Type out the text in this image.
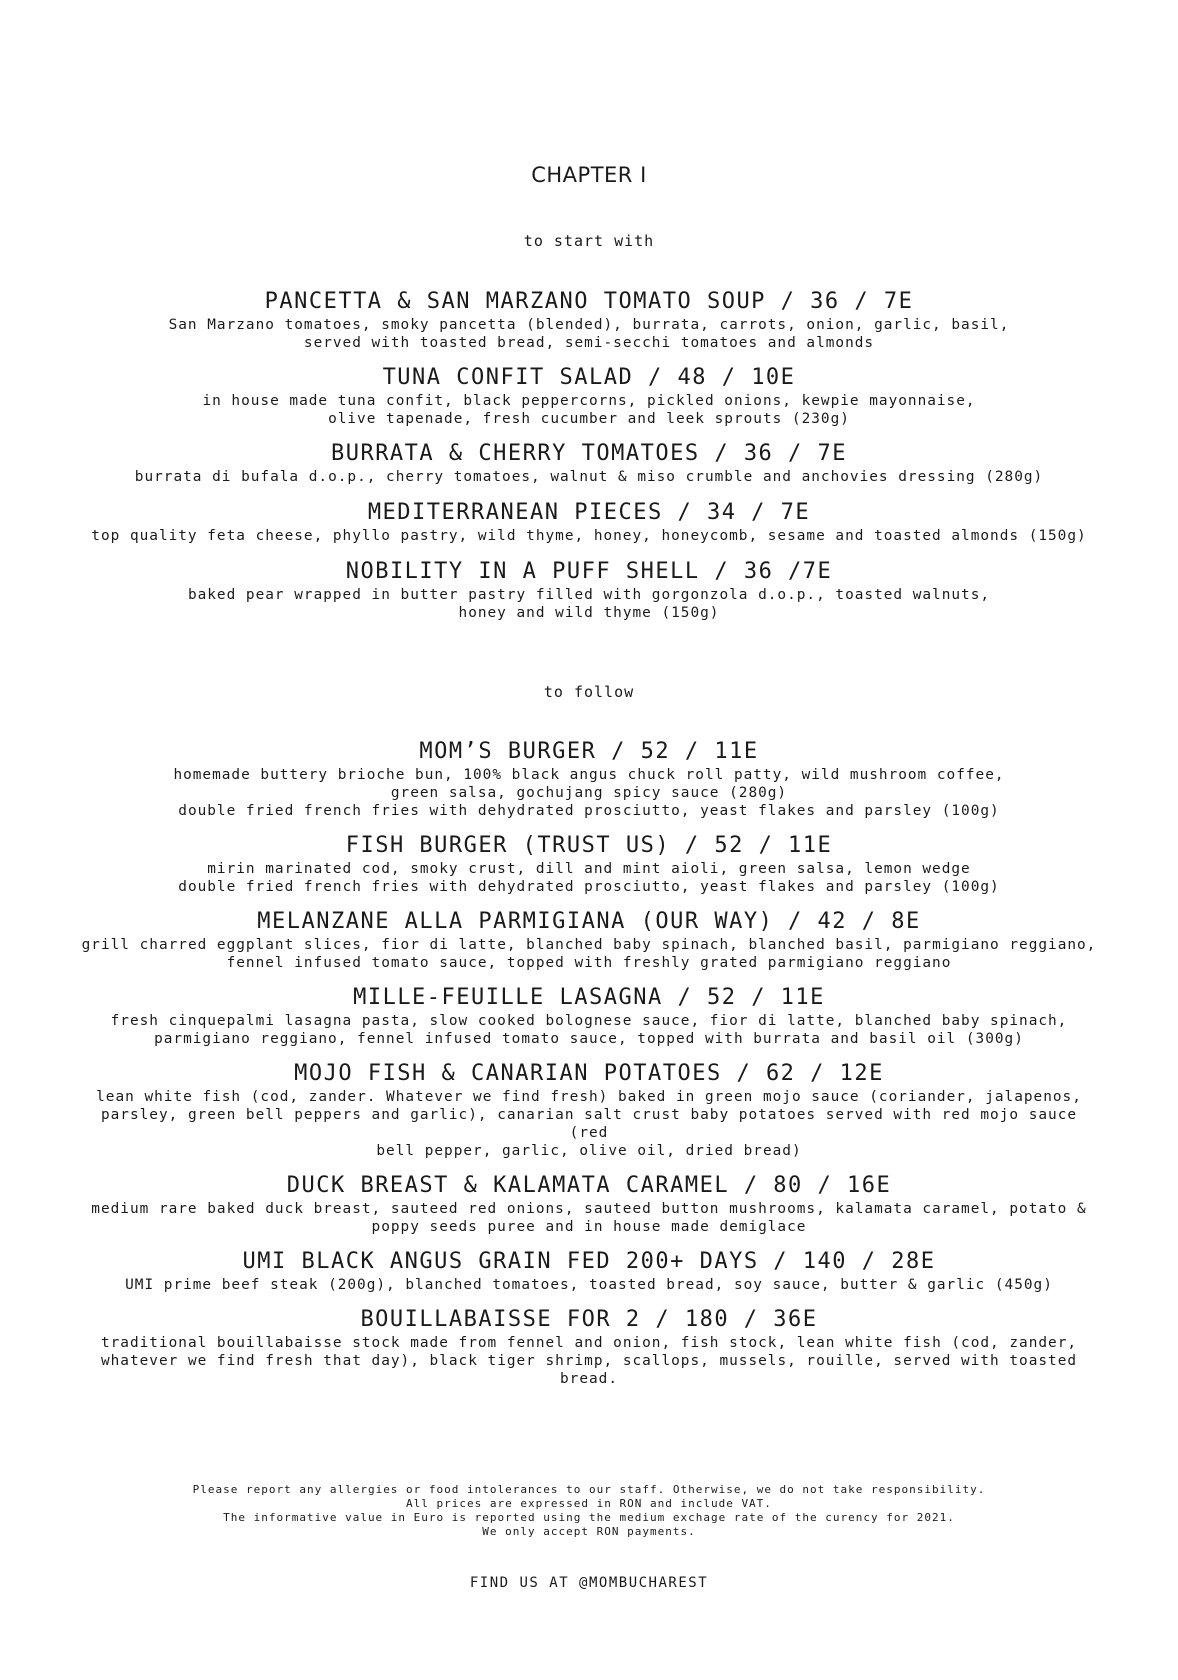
CHAPTER I
to start with
PANCETTA & SAN MARZANO TOMATO SOUP / 36 / 7E
San Marzano tomatoes, smoky pancetta (blended), burrata, carrots, onion, garlic, basil,
served with toasted bread, semi-secchi tomatoes and almonds
TUNA CONFIT SALAD / 48 / 10E
in house made tuna confit, black peppercorns, pickled onions, kewpie mayonnaise,
olive tapenade, fresh cucumber and leek sprouts (230g)
BURRATA & CHERRY TOMATOES / 36 / 7E
burrata di bufala d.o.p., cherry tomatoes, walnut & miso crumble and anchovies dressing (280g)
MEDITERRANEAN PIECES / 34 / 7E
top quality feta cheese, phyllo pastry, wild thyme, honey, honeycomb, sesame and toasted almonds (150g)
NOBILITY IN A PUFF SHELL / 36 /7E
baked pear wrapped in butter pastry filled with gorgonzola d.o.p., toasted walnuts,
honey and wild thyme (150g)
to follow
MOM’S BURGER / 52 / 11E
homemade buttery brioche bun, 100% black angus chuck roll patty, wild mushroom coffee,
green salsa, gochujang spicy sauce (280g)
double fried french fries with dehydrated prosciutto, yeast flakes and parsley (100g)
FISH BURGER (TRUST US) / 52 / 11E
mirin marinated cod, smoky crust, dill and mint aioli, green salsa, lemon wedge
double fried french fries with dehydrated prosciutto, yeast flakes and parsley (100g)
MELANZANE ALLA PARMIGIANA (OUR WAY) / 42 / 8E
grill charred eggplant slices, fior di latte, blanched baby spinach, blanched basil, parmigiano reggiano,
fennel infused tomato sauce, topped with freshly grated parmigiano reggiano
MILLE-FEUILLE LASAGNA / 52 / 11E
fresh cinquepalmi lasagna pasta, slow cooked bolognese sauce, fior di latte, blanched baby spinach,
parmigiano reggiano, fennel infused tomato sauce, topped with burrata and basil oil (300g)
MOJO FISH & CANARIAN POTATOES / 62 / 12E
lean white fish (cod, zander. Whatever we find fresh) baked in green mojo sauce (coriander, jalapenos,
parsley, green bell peppers and garlic), canarian salt crust baby potatoes served with red mojo sauce (red
bell pepper, garlic, olive oil, dried bread)
DUCK BREAST & KALAMATA CARAMEL / 80 / 16E
medium rare baked duck breast, sauteed red onions, sauteed button mushrooms, kalamata caramel, potato &
poppy seeds puree and in house made demiglace
UMI BLACK ANGUS GRAIN FED 200+ DAYS / 140 / 28E
UMI prime beef steak (200g), blanched tomatoes, toasted bread, soy sauce, butter & garlic (450g)
BOUILLABAISSE FOR 2 / 180 / 36E
traditional bouillabaisse stock made from fennel and onion, fish stock, lean white fish (cod, zander,
whatever we find fresh that day), black tiger shrimp, scallops, mussels, rouille, served with toasted
bread.
Please report any allergies or food intolerances to our staff. Otherwise, we do not take responsibility.
All prices are expressed in RON and include VAT.
The informative value in Euro is reported using the medium exchage rate of the curency for 2021.
We only accept RON payments.
FIND US AT @MOMBUCHAREST
